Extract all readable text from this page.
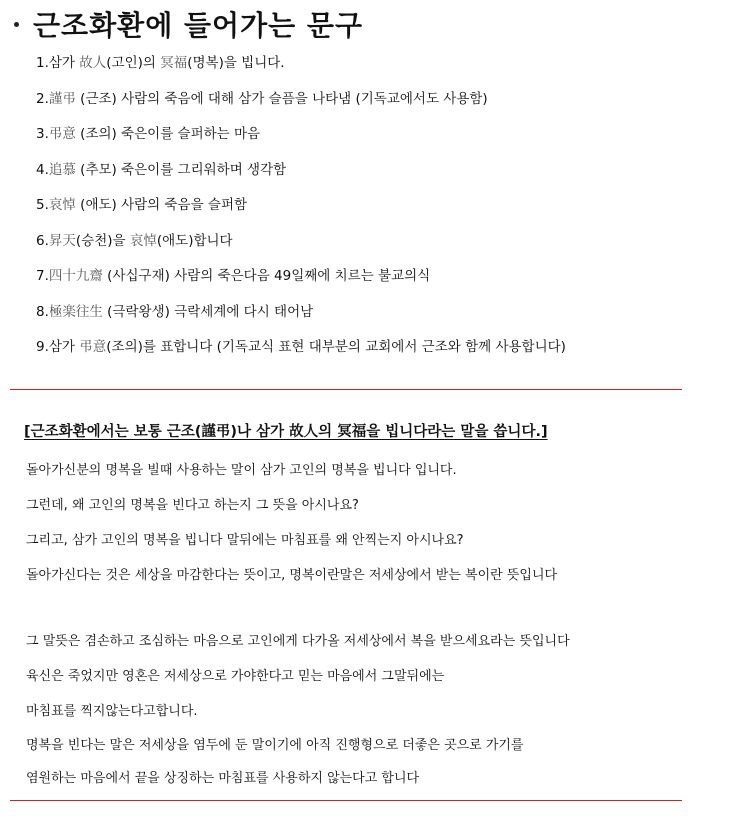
근조화환에 들어가는 문구
1.삼가 故人(고인)의 冥福(명복)을 빕니다.
2.謹弔 (근조) 사람의 죽음에 대해 삼가 슬픔을 나타냄 (기독교에서도 사용함)
3.弔意 (조의) 죽은이를 슬퍼하는 마음
4.追慕 (추모) 죽은이를 그리워하며 생각함
5.哀悼 (애도) 사람의 죽음을 슬퍼함
6.昇天(승천)을 哀悼(애도)합니다
7.四十九齋 (사십구재) 사람의 죽은다음 49일째에 치르는 불교의식
8.極楽往生 (극락왕생) 극락세계에 다시 태어남
9.삼가 弔意(조의)를 표합니다 (기독교식 표현 대부분의 교회에서 근조와 함께 사용합니다)
[근조화환에서는 보통 근조(謹弔)나 삼가 故人의 冥福을 빕니다라는 말을 씁니다.]
돌아가신분의 명복을 빌때 사용하는 말이 삼가 고인의 명복을 빕니다 입니다.
그런데, 왜 고인의 명복을 빈다고 하는지 그 뜻을 아시나요?
그리고, 삼가 고인의 명복을 빕니다 말뒤에는 마침표를 왜 안찍는지 아시나요?
돌아가신다는 것은 세상을 마감한다는 뜻이고, 명복이란말은 저세상에서 받는 복이란 뜻입니다
그 말뜻은 겸손하고 조심하는 마음으로 고인에게 다가올 저세상에서 복을 받으세요라는 뜻입니다
육신은 죽었지만 영혼은 저세상으로 가야한다고 믿는 마음에서 그말뒤에는
마침표를 찍지않는다고합니다.
명복을 빈다는 말은 저세상을 염두에 둔 말이기에 아직 진행형으로 더좋은 곳으로 가기를
염원하는 마음에서 끝을 상징하는 마침표를 사용하지 않는다고 합니다
